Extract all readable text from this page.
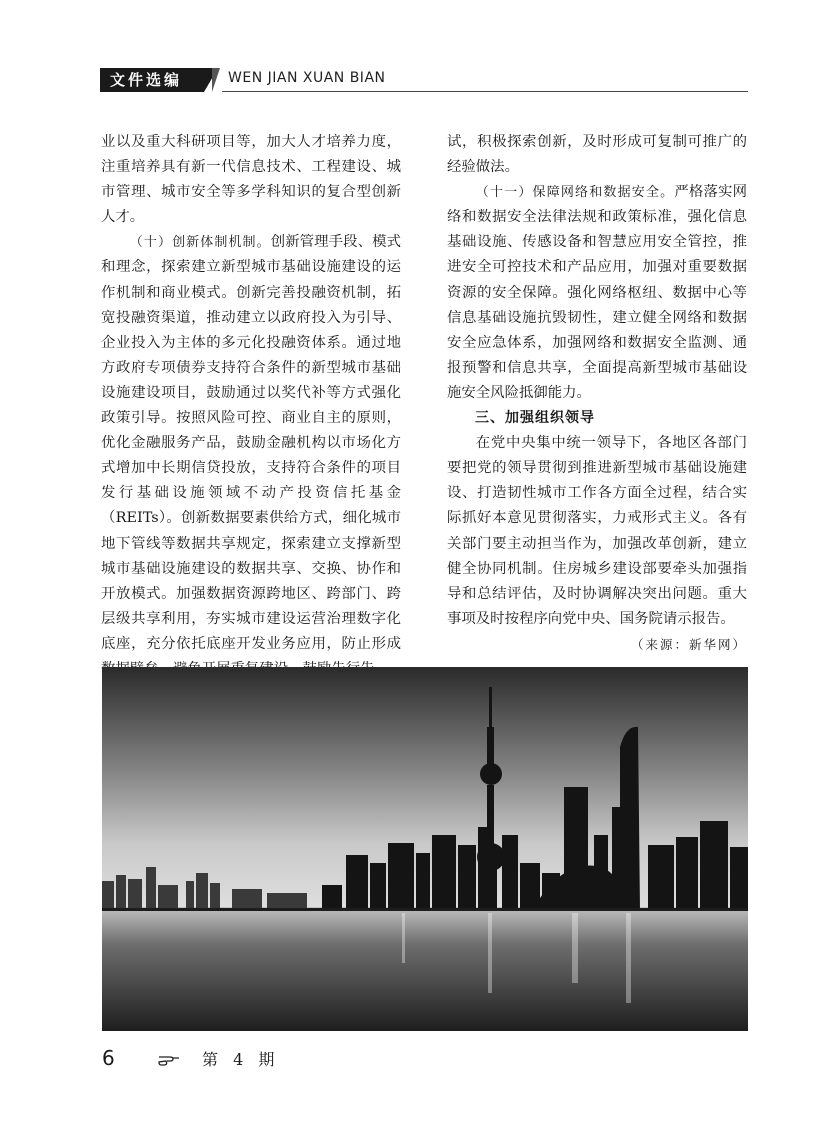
文件选编	WEN JIAN XUAN BIAN

业以及重大科研项目等，加大人才培养力度，注重培养具有新一代信息技术、工程建设、城市管理、城市安全等多学科知识的复合型创新人才。

（十）创新体制机制。创新管理手段、模式和理念，探索建立新型城市基础设施建设的运作机制和商业模式。创新完善投融资机制，拓宽投融资渠道，推动建立以政府投入为引导、企业投入为主体的多元化投融资体系。通过地方政府专项债券支持符合条件的新型城市基础设施建设项目，鼓励通过以奖代补等方式强化政策引导。按照风险可控、商业自主的原则，优化金融服务产品，鼓励金融机构以市场化方式增加中长期信贷投放，支持符合条件的项目发行基础设施领域不动产投资信托基金（REITs）。创新数据要素供给方式，细化城市地下管线等数据共享规定，探索建立支撑新型城市基础设施建设的数据共享、交换、协作和开放模式。加强数据资源跨地区、跨部门、跨层级共享利用，夯实城市建设运营治理数字化底座，充分依托底座开发业务应用，防止形成

试，积极探索创新，及时形成可复制可推广的经验做法。

（十一）保障网络和数据安全。严格落实网络和数据安全法律法规和政策标准，强化信息基础设施、传感设备和智慧应用安全管控，推进安全可控技术和产品应用，加强对重要数据资源的安全保障。强化网络枢纽、数据中心等信息基础设施抗毁韧性，建立健全网络和数据安全应急体系，加强网络和数据安全监测、通报预警和信息共享，全面提高新型城市基础设施安全风险抵御能力。

三、加强组织领导

在党中央集中统一领导下，各地区各部门要把党的领导贯彻到推进新型城市基础设施建设、打造韧性城市工作各方面全过程，结合实际抓好本意见贯彻落实，力戒形式主义。各有关部门要主动担当作为，加强改革创新，建立健全协同机制。住房城乡建设部要牵头加强指导和总结评估，及时协调解决突出问题。重大事项及时按程序向党中央、国务院请示报告。

（来源：新华网）

6	第 4 期
